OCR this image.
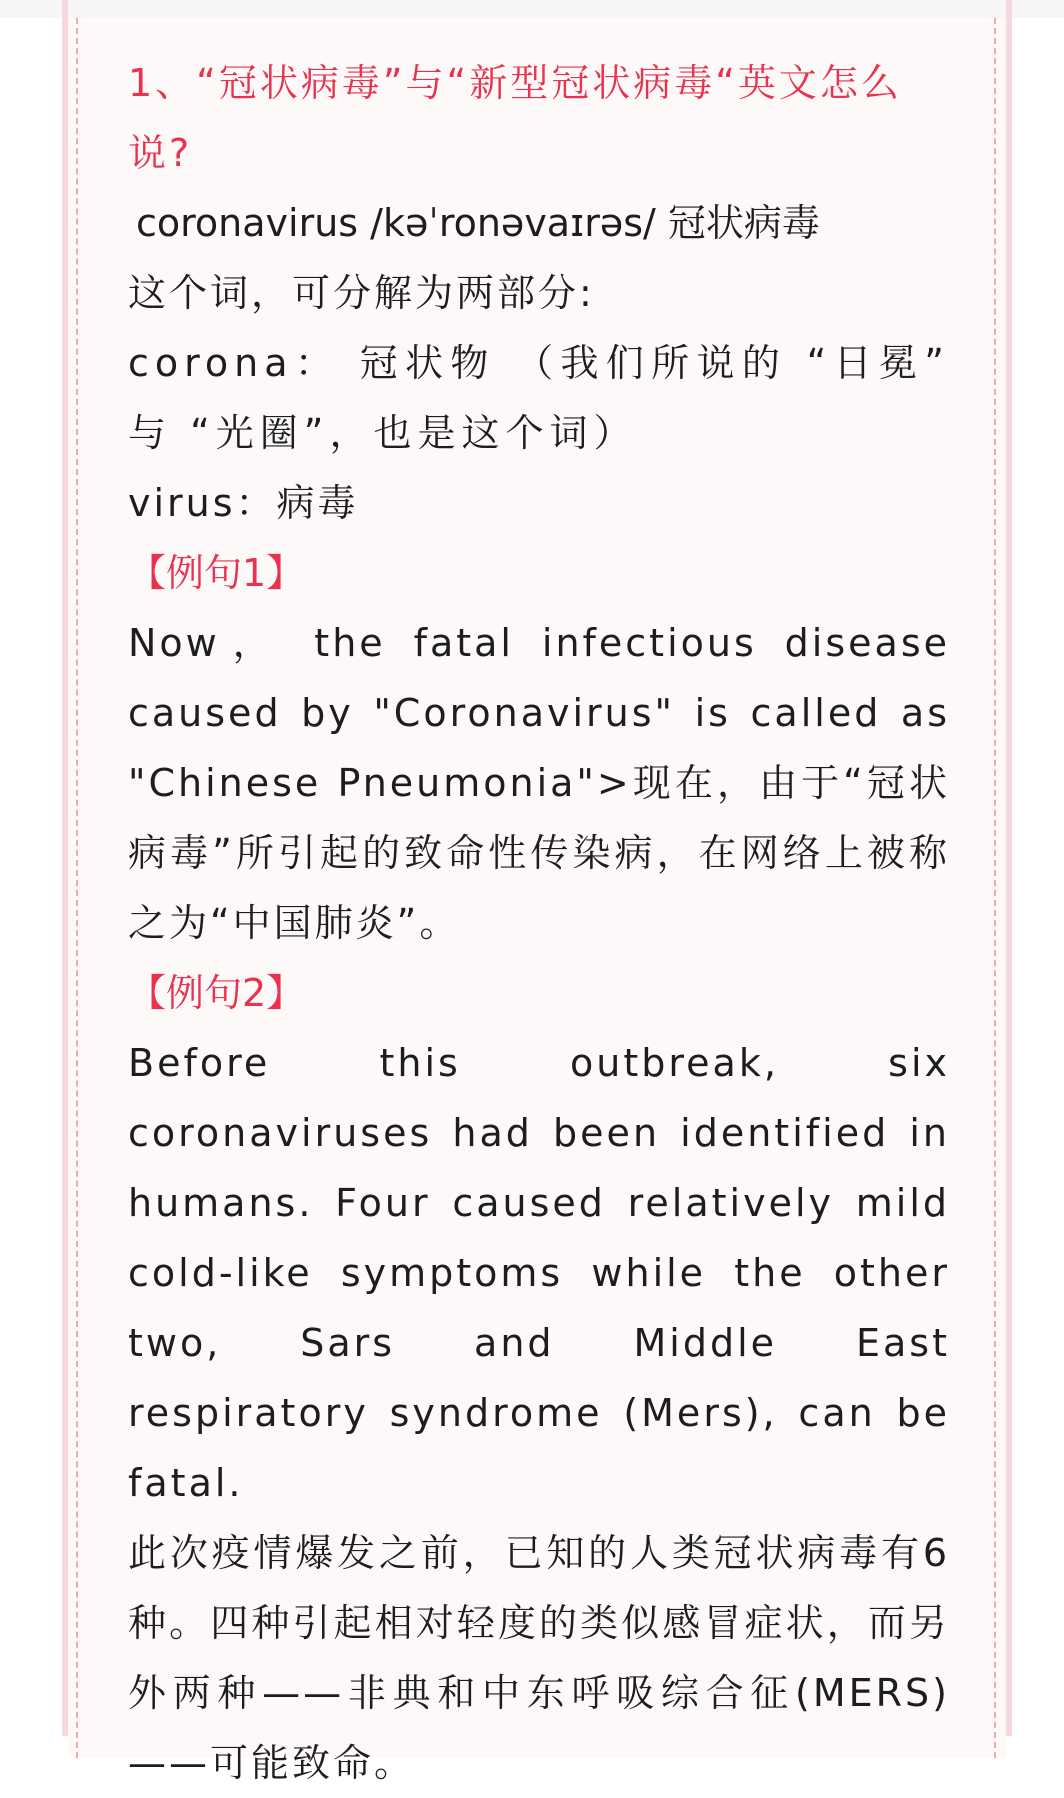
1、“冠状病毒”与“新型冠状病毒“英文怎么说?

coronavirus /kəˈronəvaɪrəs/ 冠状病毒

这个词，可分解为两部分:

corona： 冠状物 （我们所说的 “日冕” 与 “光圈”，也是这个词）

virus：病毒

【例句1】

Now， the fatal infectious disease caused by "Coronavirus" is called as "Chinese Pneumonia">现在，由于“冠状病毒”所引起的致命性传染病，在网络上被称之为“中国肺炎”。

【例句2】

Before this outbreak, six coronaviruses had been identified in humans. Four caused relatively mild cold-like symptoms while the other two, Sars and Middle East respiratory syndrome (Mers), can be fatal.

此次疫情爆发之前，已知的人类冠状病毒有6种。四种引起相对轻度的类似感冒症状，而另外两种——非典和中东呼吸综合征(MERS)——可能致命。
